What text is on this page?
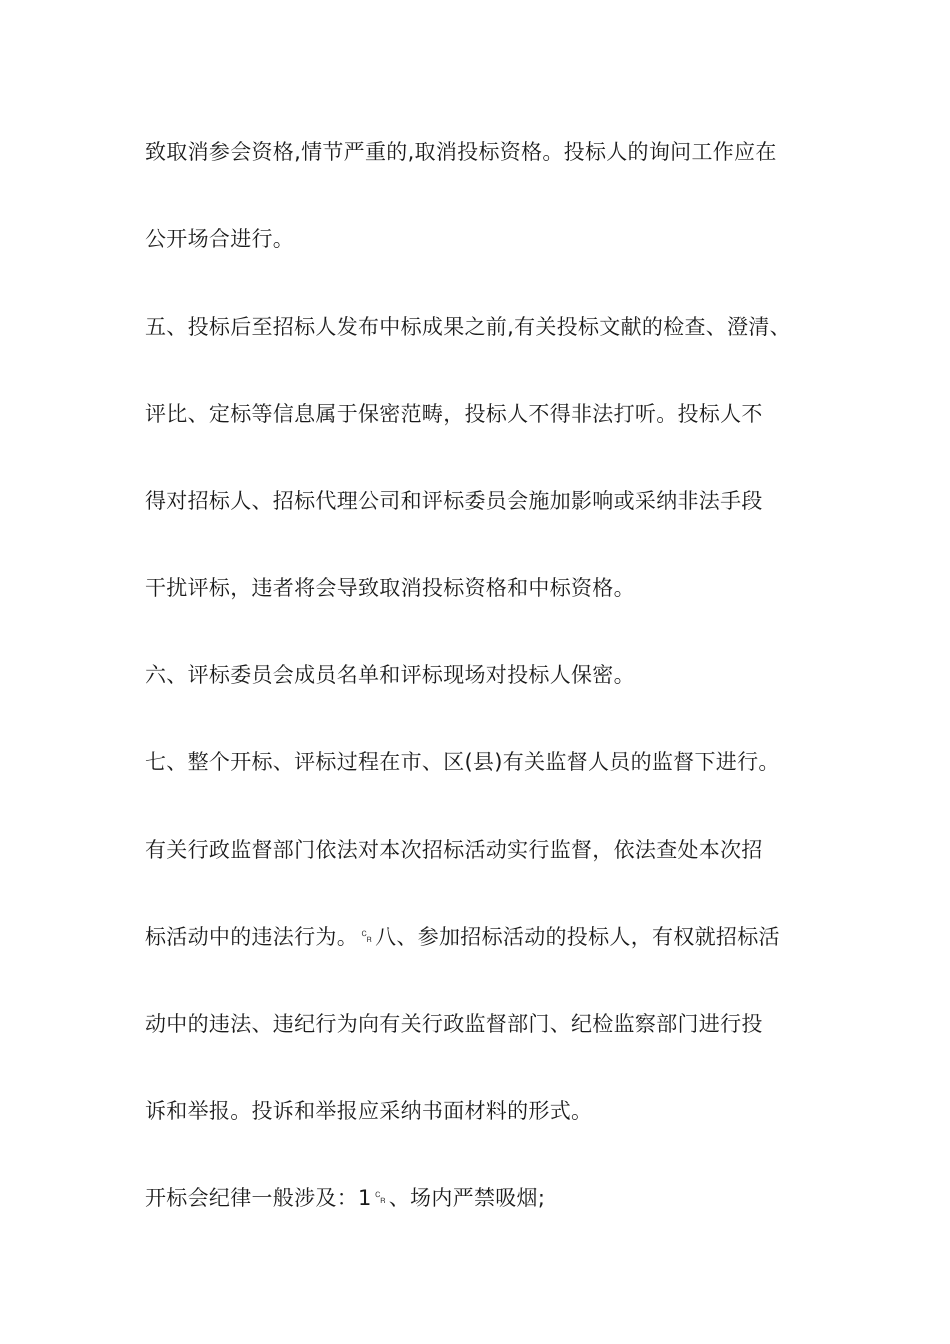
致取消参会资格,情节严重的,取消投标资格。投标人的询问工作应在
公开场合进行。
五、投标后至招标人发布中标成果之前,有关投标文献的检查、澄清、
评比、定标等信息属于保密范畴，投标人不得非法打听。投标人不
得对招标人、招标代理公司和评标委员会施加影响或采纳非法手段
干扰评标，违者将会导致取消投标资格和中标资格。
六、评标委员会成员名单和评标现场对投标人保密。
七、整个开标、评标过程在市、区(县)有关监督人员的监督下进行。
有关行政监督部门依法对本次招标活动实行监督，依法查处本次招
标活动中的违法行为。␍八、参加招标活动的投标人，有权就招标活
动中的违法、违纪行为向有关行政监督部门、纪检监察部门进行投
诉和举报。投诉和举报应采纳书面材料的形式。
开标会纪律一般涉及：1␍、场内严禁吸烟;
